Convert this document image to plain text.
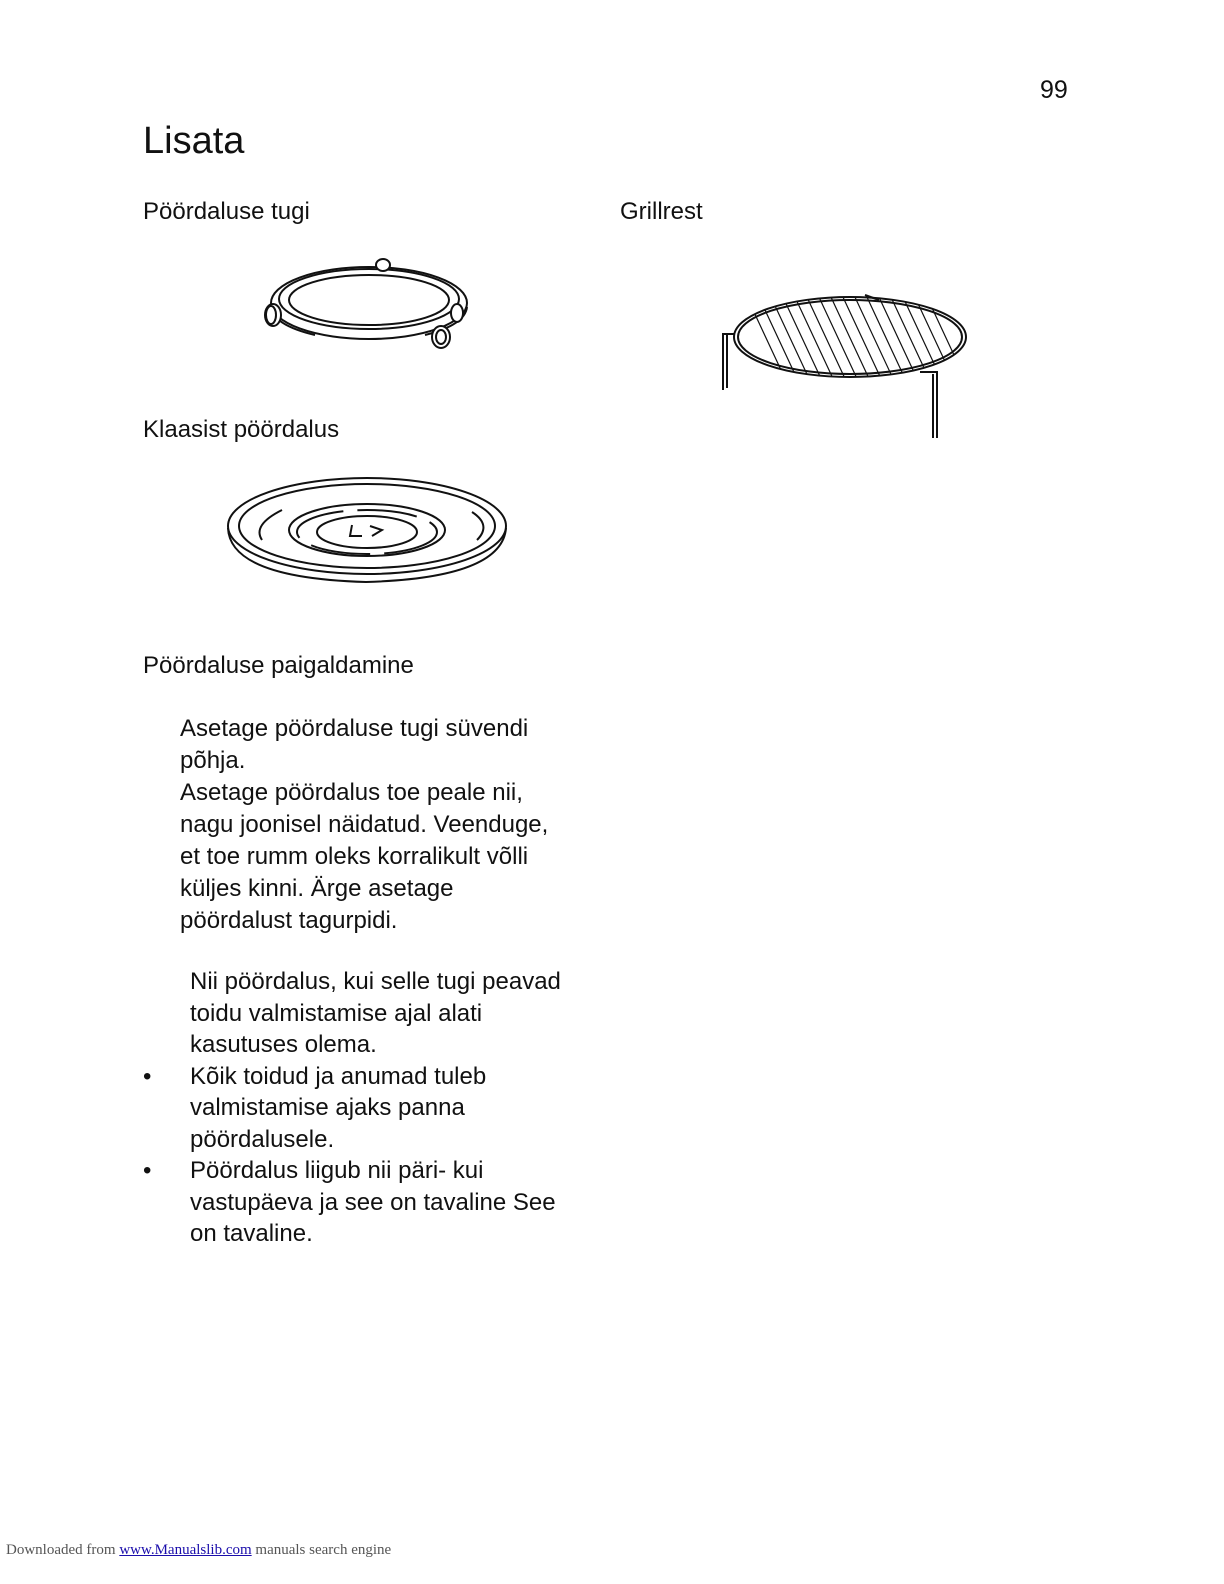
99
Lisata
Pöördaluse tugi	Grillrest
Klaasist pöördalus
Pöördaluse paigaldamine
Asetage pöördaluse tugi süvendi
põhja.
Asetage pöördalus toe peale nii,
nagu joonisel näidatud. Veenduge,
et toe rumm oleks korralikult võlli
küljes kinni. Ärge asetage
pöördalust tagurpidi.
Nii pöördalus, kui selle tugi peavad
toidu valmistamise ajal alati
kasutuses olema.
•	Kõik toidud ja anumad tuleb
valmistamise ajaks panna
pöördalusele.
•	Pöördalus liigub nii päri- kui
vastupäeva ja see on tavaline See
on tavaline.
Downloaded from www.Manualslib.com manuals search engine
